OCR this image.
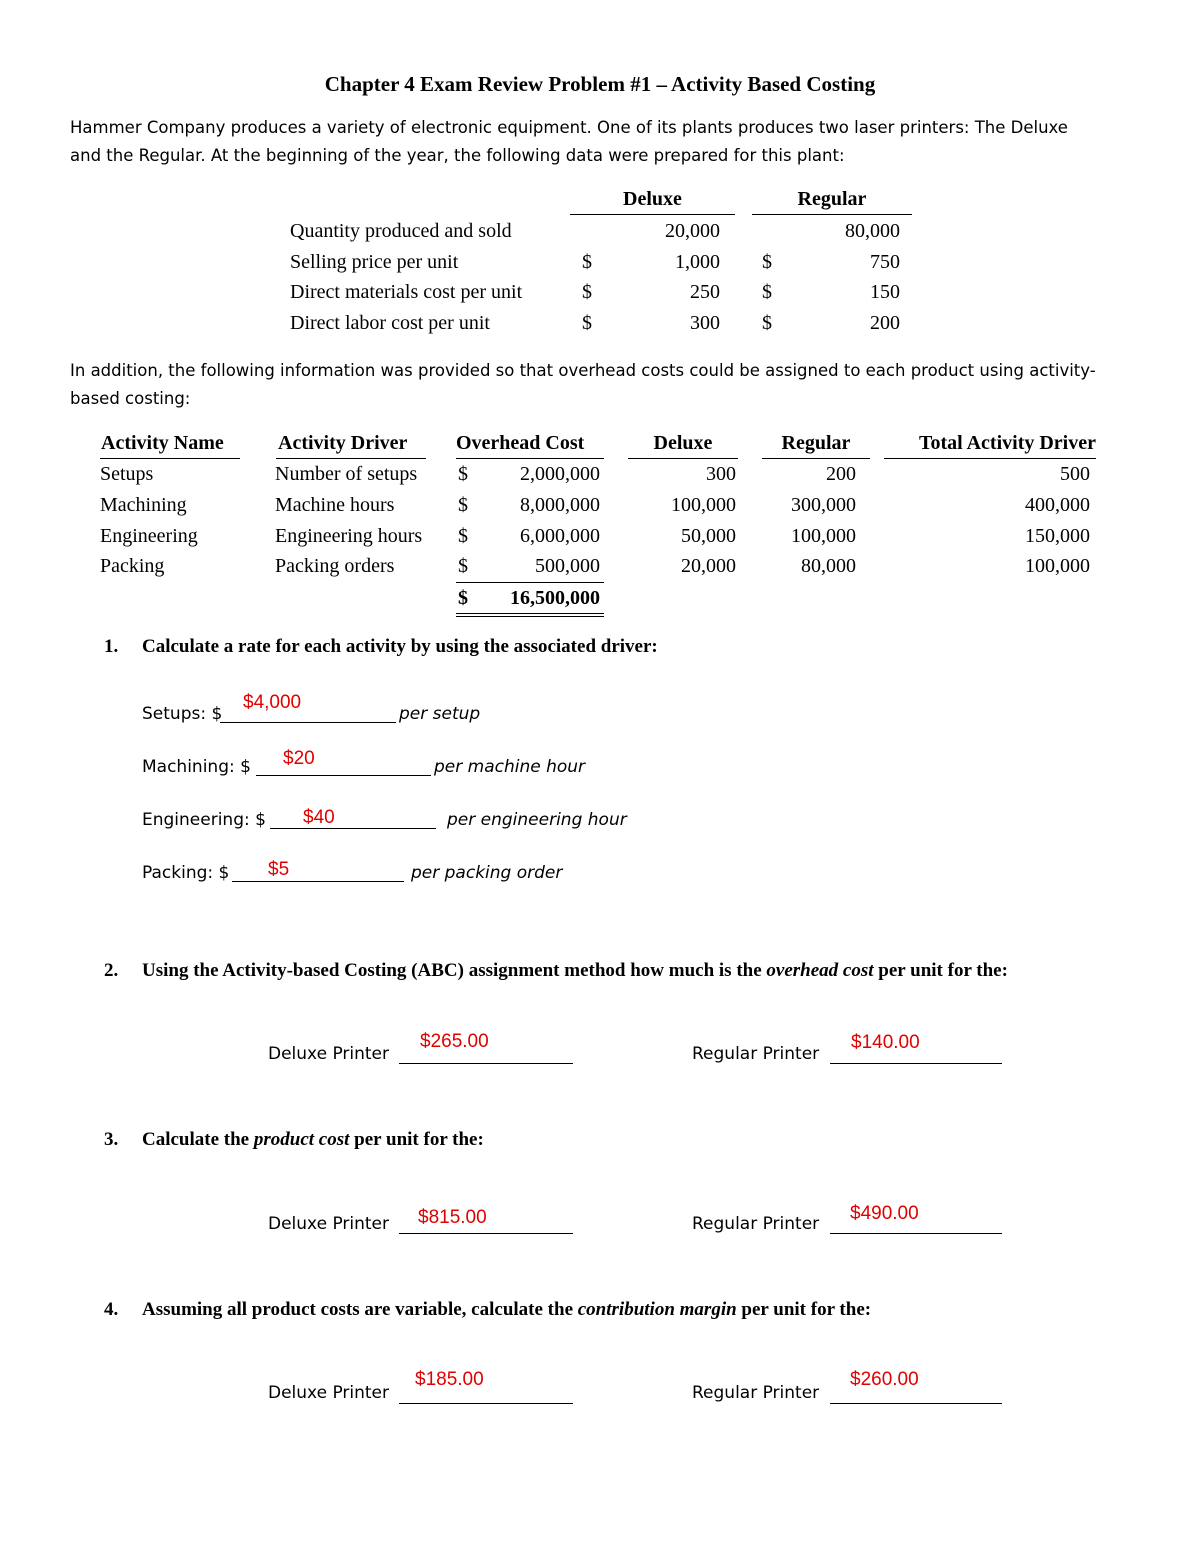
Chapter 4 Exam Review Problem #1 – Activity Based Costing
Hammer Company produces a variety of electronic equipment. One of its plants produces two laser printers: The Deluxe
and the Regular. At the beginning of the year, the following data were prepared for this plant:
Deluxe	Regular
Quantity produced and sold	20,000	80,000
Selling price per unit	$	1,000 $	750
Direct materials cost per unit	$	250 $	150
Direct labor cost per unit	$	300 $	200
In addition, the following information was provided so that overhead costs could be assigned to each product using activity-
based costing:
Activity Name	Activity Driver Overhead Cost	Deluxe	Regular	Total Activity Driver
Setups	Number of setups $	2,000,000	300	200	500
Machining	Machine hours	$	8,000,000	100,000	300,000	400,000
Engineering	Engineering hours $	6,000,000	50,000	100,000	150,000
Packing	Packing orders	$	500,000	20,000	80,000	100,000
$	16,500,000
1. Calculate a rate for each activity by using the associated driver:
Setups: $
$4,000
per setup
Machining: $ $20	per machine hour
Engineering: $ $40	per engineering hour
Packing: $ $5	per packing order
2. Using the Activity-based Costing (ABC) assignment method how much is the overhead cost per unit for the:
Deluxe Printer
$265.00
Regular Printer
$140.00
3. Calculate the product cost per unit for the:
Deluxe Printer $815.00	Regular Printer $490.00
4. Assuming all product costs are variable, calculate the contribution margin per unit for the:
Deluxe Printer
$185.00
Regular Printer
$260.00
